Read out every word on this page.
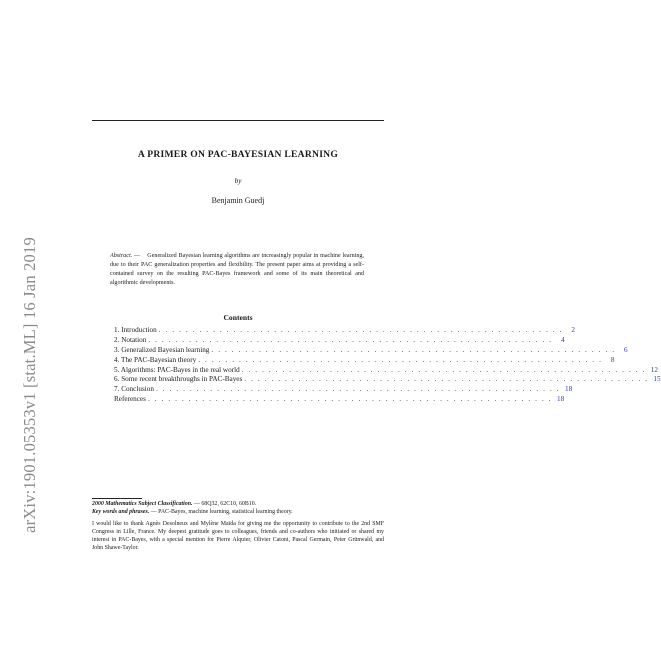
arXiv:1901.05353v1 [stat.ML] 16 Jan 2019
A PRIMER ON PAC-BAYESIAN LEARNING
by
Benjamin Guedj
Abstract. — Generalized Bayesian learning algorithms are increasingly popular in machine learning, due to their PAC generalization properties and flexibility. The present paper aims at providing a self-contained survey on the resulting PAC-Bayes framework and some of its main theoretical and algorithmic developments.
Contents
1. Introduction . . . . . . . . . . . . . . . . . . . . . . . . . . . . . . . . . . . . . . . . . . . . . . . . . . . . . . . . . . . .	2
2. Notation . . . . . . . . . . . . . . . . . . . . . . . . . . . . . . . . . . . . . . . . . . . . . . . . . . . . . . . . . . . .	4
3. Generalized Bayesian learning . . . . . . . . . . . . . . . . . . . . . . . . . . . . . . . . . . . . . . . . . . . . . . . . . . . . . . . . . . . .	6
4. The PAC-Bayesian theory . . . . . . . . . . . . . . . . . . . . . . . . . . . . . . . . . . . . . . . . . . . . . . . . . . . . . . . . . . . .	8
5. Algorithms: PAC-Bayes in the real world . . . . . . . . . . . . . . . . . . . . . . . . . . . . . . . . . . . . . . . . . . . . . . . . . . . . . . . . . . . . 12
6. Some recent breakthroughs in PAC-Bayes . . . . . . . . . . . . . . . . . . . . . . . . . . . . . . . . . . . . . . . . . . . . . . . . . . . . . . . . . . . . 15
7. Conclusion . . . . . . . . . . . . . . . . . . . . . . . . . . . . . . . . . . . . . . . . . . . . . . . . . . . . . . . . . . . . 18
References . . . . . . . . . . . . . . . . . . . . . . . . . . . . . . . . . . . . . . . . . . . . . . . . . . . . . . . . . . . . 18
2000 Mathematics Subject Classification. — 68Q32, 62C10, 60B10.
Key words and phrases. — PAC-Bayes, machine learning, statistical learning theory.
I would like to thank Agnès Desolneux and Mylène Maïda for giving me the opportunity to contribute to the 2nd SMF Congress in Lille, France. My deepest gratitude goes to colleagues, friends and co-authors who initiated or shared my interest in PAC-Bayes, with a special mention for Pierre Alquier, Olivier Catoni, Pascal Germain, Peter Grünwald, and John Shawe-Taylor.
